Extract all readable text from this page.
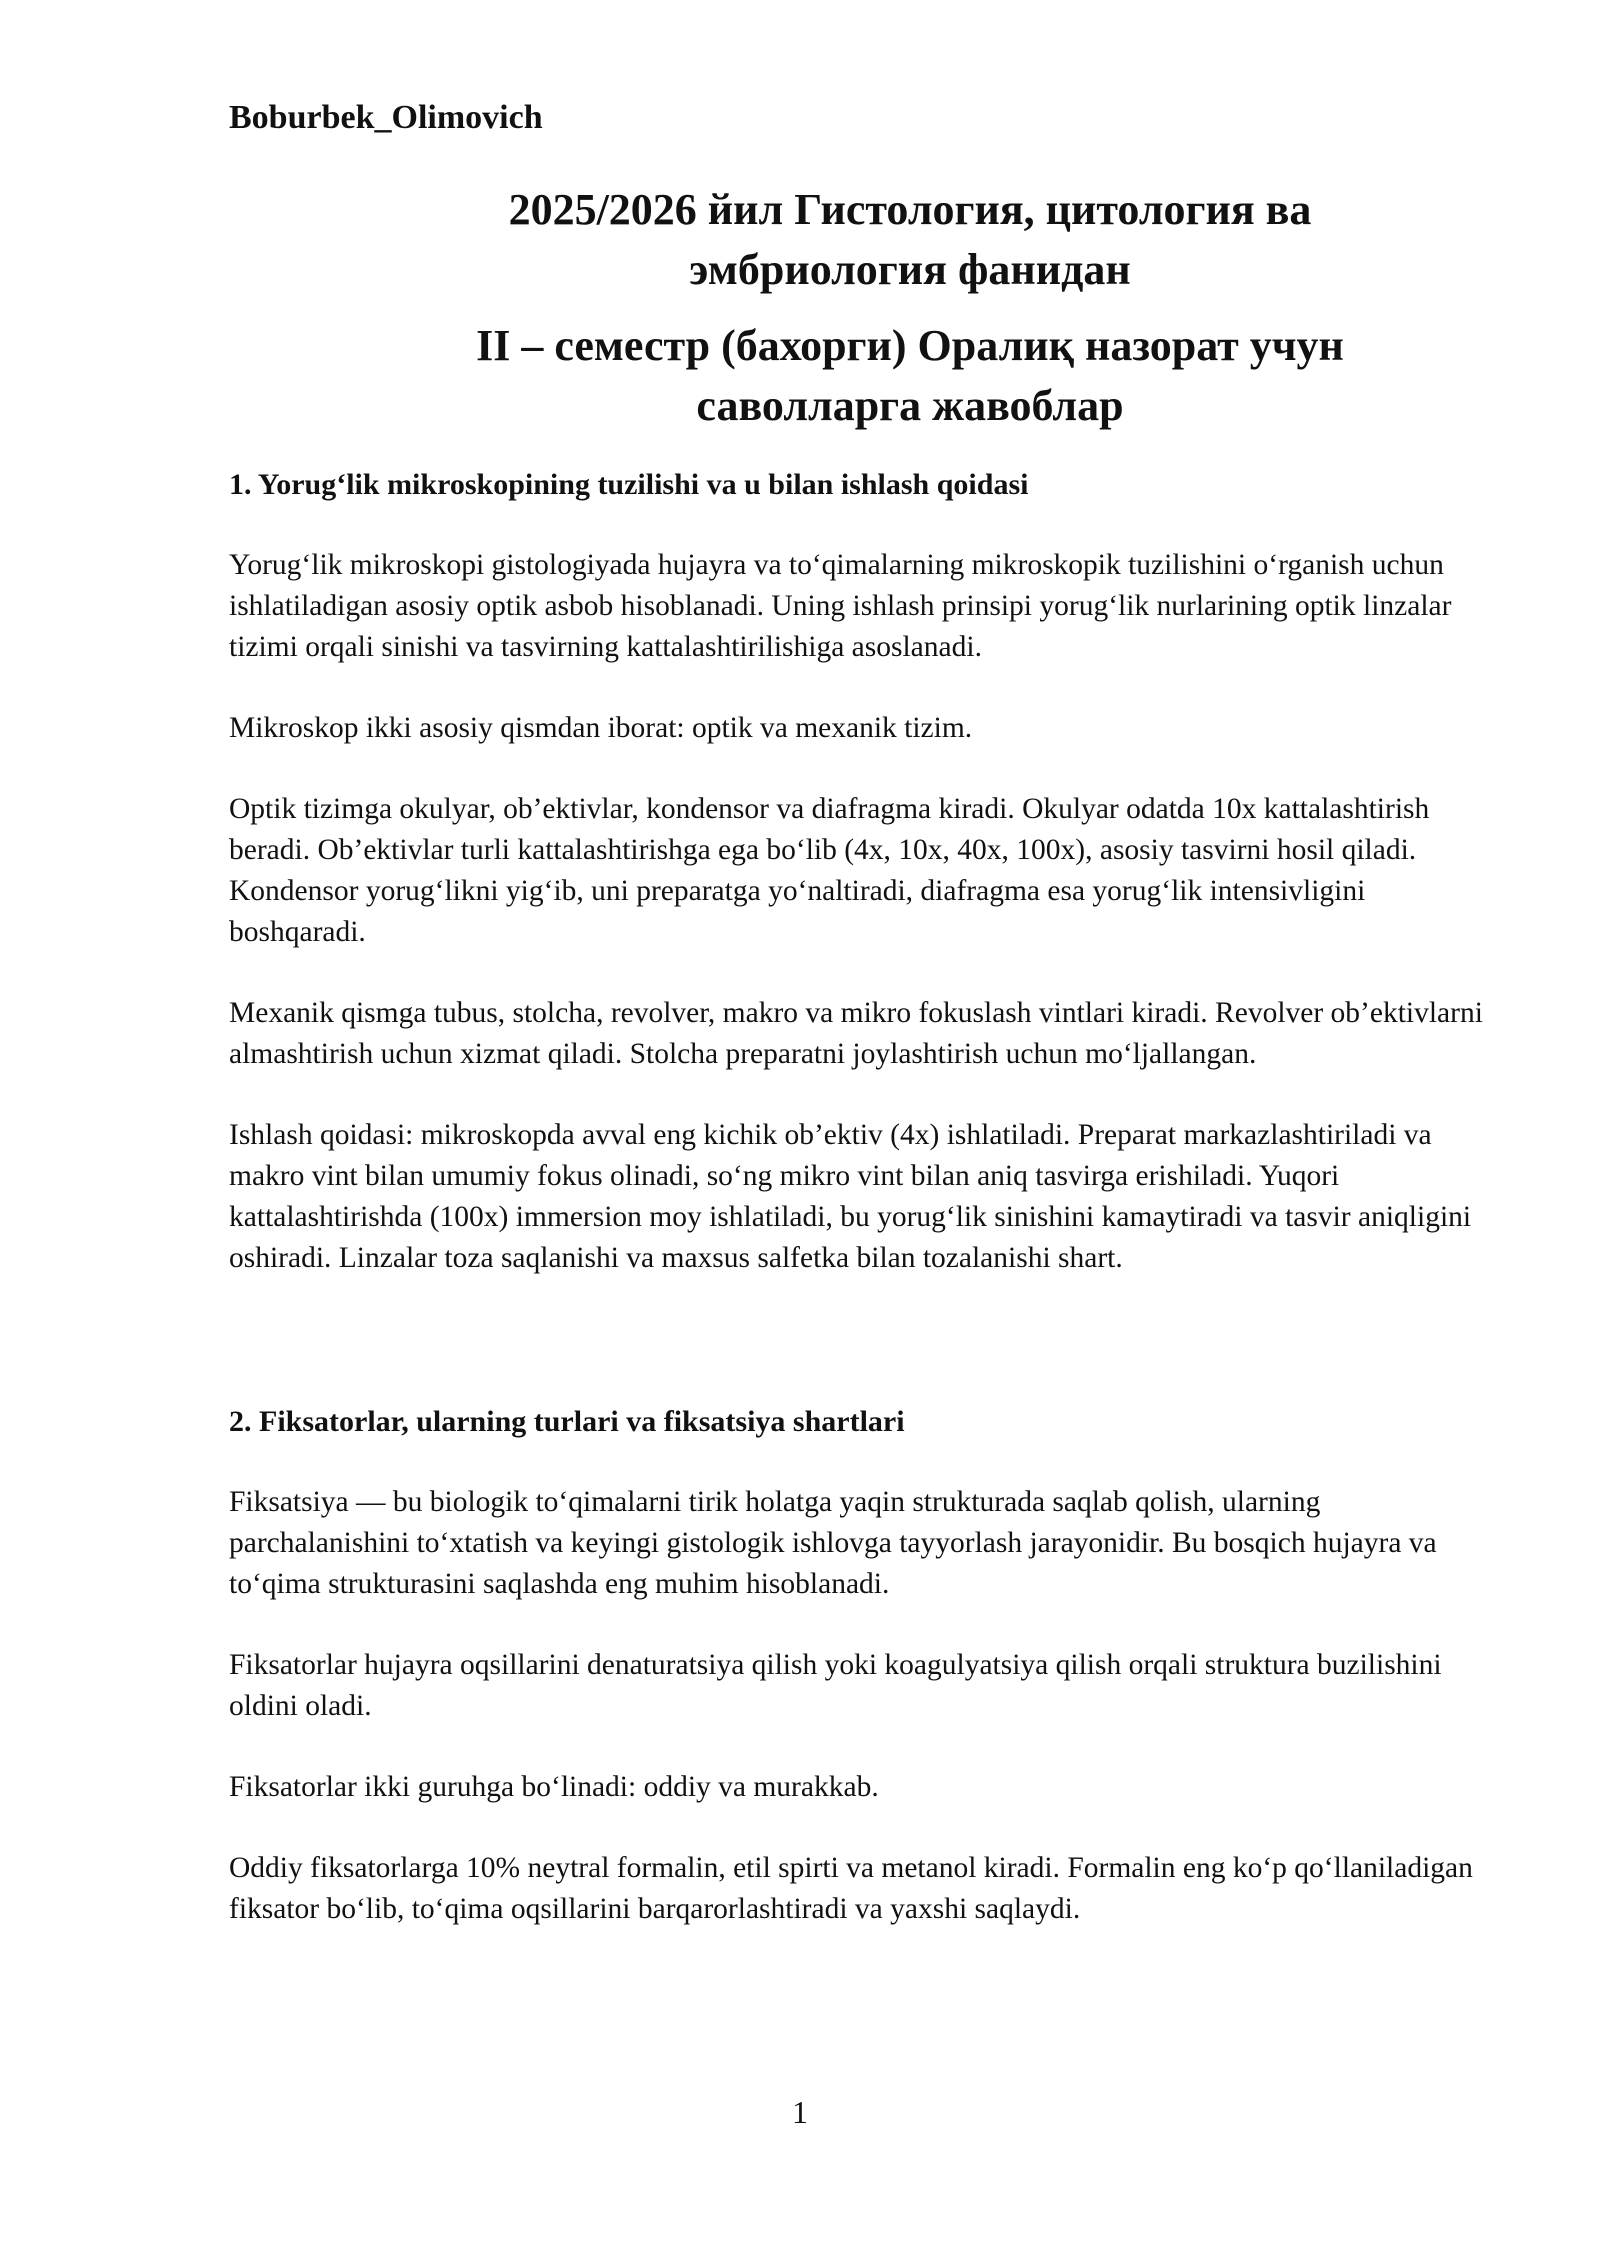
Boburbek_Olimovich

2025/2026 йил Гистология, цитология ва эмбриология фанидан
II – семестр (бахорги) Оралиқ назорат учун саволларга жавоблар
1. Yorug‘lik mikroskopining tuzilishi va u bilan ishlash qoidasi

Yorug‘lik mikroskopi gistologiyada hujayra va to‘qimalarning mikroskopik tuzilishini o‘rganish uchun ishlatiladigan asosiy optik asbob hisoblanadi. Uning ishlash prinsipi yorug‘lik nurlarining optik linzalar tizimi orqali sinishi va tasvirning kattalashtirilishiga asoslanadi.

Mikroskop ikki asosiy qismdan iborat: optik va mexanik tizim.

Optik tizimga okulyar, ob’ektivlar, kondensor va diafragma kiradi. Okulyar odatda 10x kattalashtirish beradi. Ob’ektivlar turli kattalashtirishga ega bo‘lib (4x, 10x, 40x, 100x), asosiy tasvirni hosil qiladi. Kondensor yorug‘likni yig‘ib, uni preparatga yo‘naltiradi, diafragma esa yorug‘lik intensivligini boshqaradi.

Mexanik qismga tubus, stolcha, revolver, makro va mikro fokuslash vintlari kiradi. Revolver ob’ektivlarni almashtirish uchun xizmat qiladi. Stolcha preparatni joylashtirish uchun mo‘ljallangan.

Ishlash qoidasi: mikroskopda avval eng kichik ob’ektiv (4x) ishlatiladi. Preparat markazlashtiriladi va makro vint bilan umumiy fokus olinadi, so‘ng mikro vint bilan aniq tasvirga erishiladi. Yuqori kattalashtirishda (100x) immersion moy ishlatiladi, bu yorug‘lik sinishini kamaytiradi va tasvir aniqligini oshiradi. Linzalar toza saqlanishi va maxsus salfetka bilan tozalanishi shart.

2. Fiksatorlar, ularning turlari va fiksatsiya shartlari

Fiksatsiya — bu biologik to‘qimalarni tirik holatga yaqin strukturada saqlab qolish, ularning parchalanishini to‘xtatish va keyingi gistologik ishlovga tayyorlash jarayonidir. Bu bosqich hujayra va to‘qima strukturasini saqlashda eng muhim hisoblanadi.

Fiksatorlar hujayra oqsillarini denaturatsiya qilish yoki koagulyatsiya qilish orqali struktura buzilishini oldini oladi.

Fiksatorlar ikki guruhga bo‘linadi: oddiy va murakkab.

Oddiy fiksatorlarga 10% neytral formalin, etil spirti va metanol kiradi. Formalin eng ko‘p qo‘llaniladigan fiksator bo‘lib, to‘qima oqsillarini barqarorlashtiradi va yaxshi saqlaydi.

1
